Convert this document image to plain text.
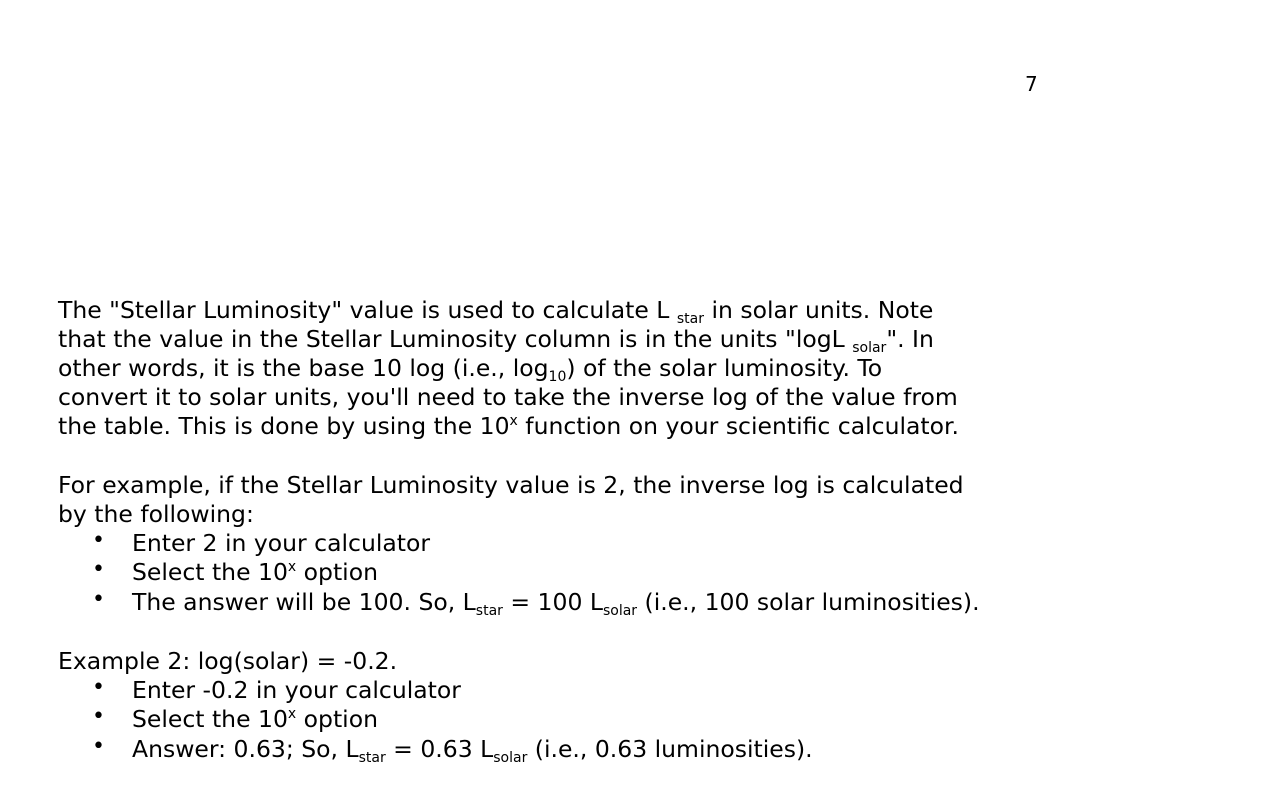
7
The "Stellar Luminosity" value is used to calculate L $_{star}$ in solar units. Note
that the value in the Stellar Luminosity column is in the units "logL $_{solar}$". In
other words, it is the base 10 log (i.e., $\log_{10}$) of the solar luminosity. To
convert it to solar units, you'll need to take the inverse log of the value from
the table. This is done by using the 10$^x$ function on your scientific calculator.
For example, if the Stellar Luminosity value is 2, the inverse log is calculated
by the following:
• Enter 2 in your calculator
• Select the 10$^x$ option
• The answer will be 100. So, $L_{star} = 100$ $L_{solar}$ (i.e., 100 solar luminosities).
Example 2: log(solar) = -0.2.
• Enter -0.2 in your calculator
• Select the 10$^x$ option
• Answer: 0.63; So, $L_{star} = 0.63$ $L_{solar}$ (i.e., 0.63 luminosities).
